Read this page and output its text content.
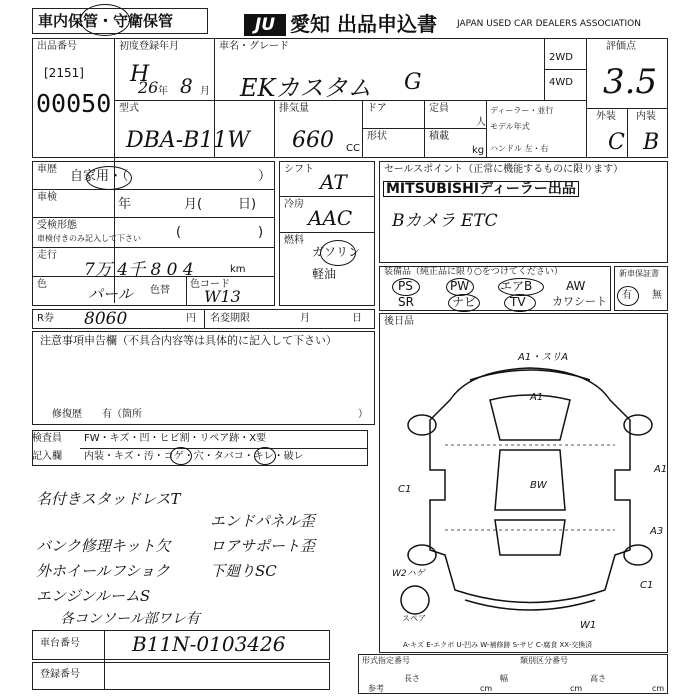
車内保管・守衛保管	JU 愛知 出品申込書 JAPAN USED CAR DEALERS ASSOCIATION
出品番号
[2151]
00050
初度登録年月
H
26 年 8 月
車名・グレード
EKカスタム G
2WD
4WD
評価点
3.5
外装 内装
C B
型式
DBA-B11W
排気量
660 CC
ドア
形状
定員
人
積載
kg
ディーラー・並行
モデル年式
ハンドル 左・右
車歴 自家用・（	）
車検	年	月(	日)
受検形態
車検付きのみ記入して下さい	(	)
走行
7万 4千 8 0 4	km
色
パール 色替
色コード
W13
シフト
AT
冷房
AAC
燃料
ガソリン
軽油
セールスポイント（正常に機能するものに限ります）
MITSUBISHIディーラー出品
Bカメラ ETC
装備品（純正品に限り○をつけてください）
PS	PW	エアB	AW
SR	ナビ	TV カワシート
新車保証書
有 無
R券 8060	円 名変期限	月	日
注意事項申告欄（不具合内容等は具体的に記入して下さい）
修復歴　　有（箇所	）
後日品
検査員
記入欄
FW・キズ・凹・ヒビ割・リペア跡・X要
内装・キズ・汚・コゲ・穴・タバコ・キレ・破レ
名付きスタッドレスT
エンドパネル歪
バンク修理キット欠	ロアサポート歪
外ホイールフショク	下廻りSC
エンジンルームS
各コンソール部ワレ有
車台番号	B11N-0103426
登録番号
A1・スリA
A1
BW
A1
A3
C1
W2ハゲ
C1
W1
スペア
A-キズ E-エクボ U-凹み W-補修跡 S-サビ C-腐食 XX-交換済
形式指定番号	類別区分番号
参考
長さ
cm
幅
cm
高さ
cm
